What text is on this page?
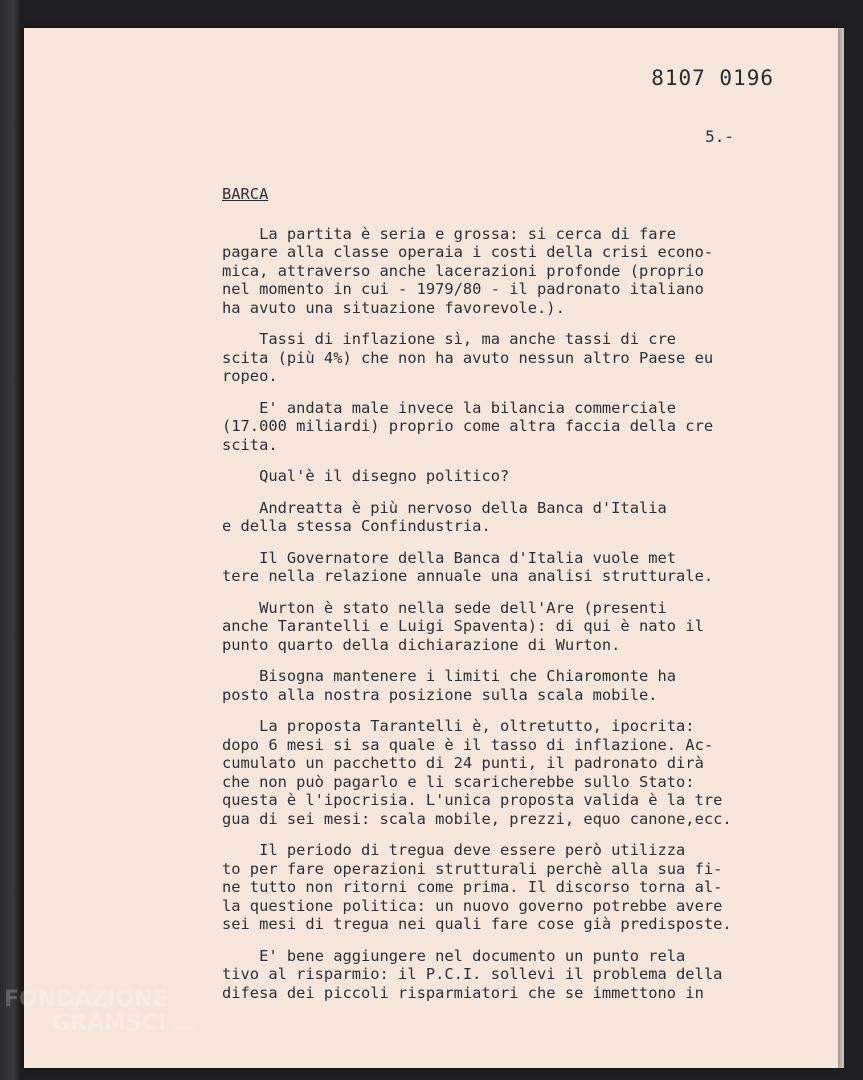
8107 0196
5.-
BARCA
La partita è seria e grossa: si cerca di fare
pagare alla classe operaia i costi della crisi econo-
mica, attraverso anche lacerazioni profonde (proprio
nel momento in cui - 1979/80 - il padronato italiano
ha avuto una situazione favorevole.).
Tassi di inflazione sì, ma anche tassi di cre
scita (più 4%) che non ha avuto nessun altro Paese eu
ropeo.
E' andata male invece la bilancia commerciale
(17.000 miliardi) proprio come altra faccia della cre
scita.
Qual'è il disegno politico?
Andreatta è più nervoso della Banca d'Italia
e della stessa Confindustria.
Il Governatore della Banca d'Italia vuole met
tere nella relazione annuale una analisi strutturale.
Wurton è stato nella sede dell'Are (presenti
anche Tarantelli e Luigi Spaventa): di qui è nato il
punto quarto della dichiarazione di Wurton.
Bisogna mantenere i limiti che Chiaromonte ha
posto alla nostra posizione sulla scala mobile.
La proposta Tarantelli è, oltretutto, ipocrita:
dopo 6 mesi si sa quale è il tasso di inflazione. Ac-
cumulato un pacchetto di 24 punti, il padronato dirà
che non può pagarlo e li scaricherebbe sullo Stato:
questa è l'ipocrisia. L'unica proposta valida è la tre
gua di sei mesi: scala mobile, prezzi, equo canone,ecc.
Il periodo di tregua deve essere però utilizza
to per fare operazioni strutturali perchè alla sua fi-
ne tutto non ritorni come prima. Il discorso torna al-
la questione politica: un nuovo governo potrebbe avere
sei mesi di tregua nei quali fare cose già predisposte.
E' bene aggiungere nel documento un punto rela
tivo al risparmio: il P.C.I. sollevi il problema della
difesa dei piccoli risparmiatori che se immettono in
FONDAZIONE
GRAMSCI onlus
